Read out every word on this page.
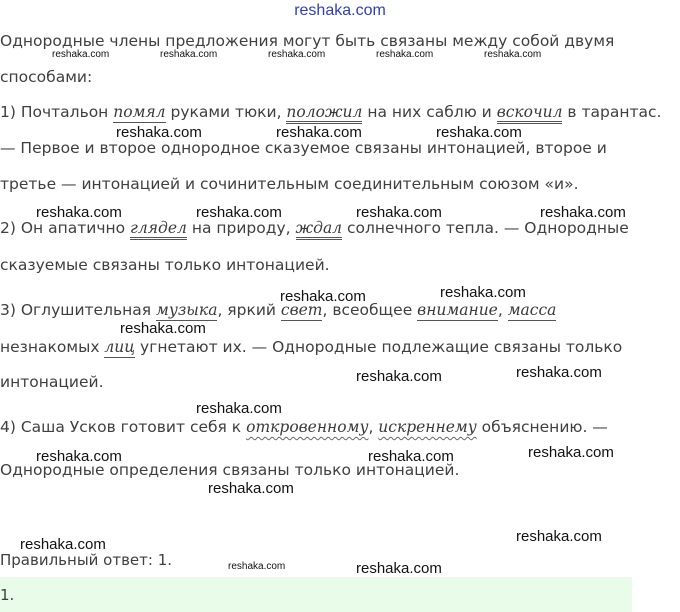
reshaka.com
Однородные члены предложения могут быть связаны между собой двумя
способами:
1) Почтальон помял руками тюки, положил на них саблю и вскочил в тарантас.
— Первое и второе однородное сказуемое связаны интонацией, второе и
третье — интонацией и сочинительным соединительным союзом «и».
2) Он апатично глядел на природу, ждал солнечного тепла. — Однородные
сказуемые связаны только интонацией.
3) Оглушительная музыка, яркий свет, всеобщее внимание, масса
незнакомых лиц угнетают их. — Однородные подлежащие связаны только
интонацией.
4) Саша Усков готовит себя к откровенному, искреннему объяснению. —
Однородные определения связаны только интонацией.
Правильный ответ: 1.
1.
reshaka.com	reshaka.com	reshaka.com	reshaka.com	reshaka.com
reshaka.com	reshaka.com	reshaka.com
reshaka.com	reshaka.com	reshaka.com	reshaka.com
reshaka.com	reshaka.com
reshaka.com
reshaka.com	reshaka.com
reshaka.com
reshaka.com	reshaka.com	reshaka.com
reshaka.com
reshaka.com
reshaka.com
reshaka.com	reshaka.com
